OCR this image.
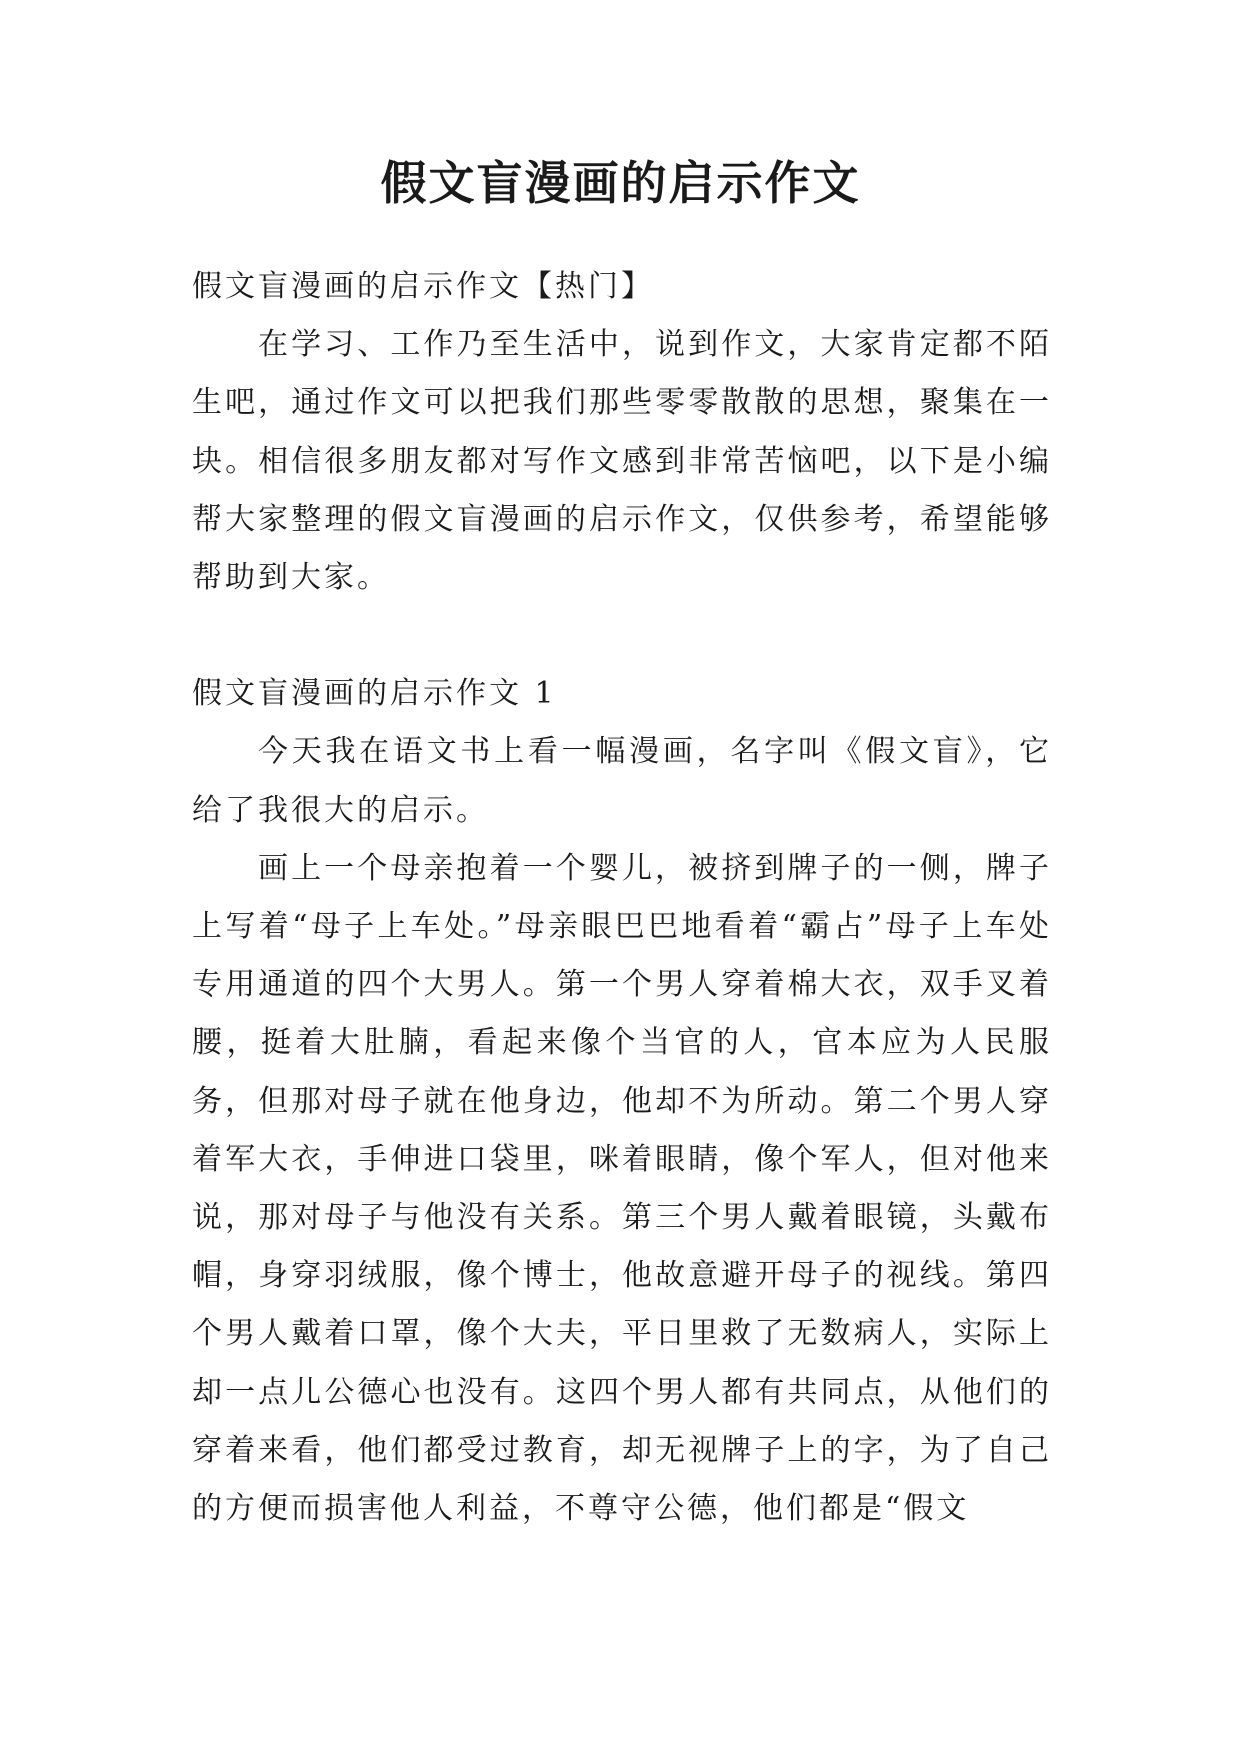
假文盲漫画的启示作文

假文盲漫画的启示作文【热门】

在学习、工作乃至生活中，说到作文，大家肯定都不陌生吧，通过作文可以把我们那些零零散散的思想，聚集在一块。相信很多朋友都对写作文感到非常苦恼吧，以下是小编帮大家整理的假文盲漫画的启示作文，仅供参考，希望能够帮助到大家。

假文盲漫画的启示作文 1

今天我在语文书上看一幅漫画，名字叫《假文盲》，它给了我很大的启示。

画上一个母亲抱着一个婴儿，被挤到牌子的一侧，牌子上写着“母子上车处。”母亲眼巴巴地看着“霸占”母子上车处专用通道的四个大男人。第一个男人穿着棉大衣，双手叉着腰，挺着大肚腩，看起来像个当官的人，官本应为人民服务，但那对母子就在他身边，他却不为所动。第二个男人穿着军大衣，手伸进口袋里，咪着眼睛，像个军人，但对他来说，那对母子与他没有关系。第三个男人戴着眼镜，头戴布帽，身穿羽绒服，像个博士，他故意避开母子的视线。第四个男人戴着口罩，像个大夫，平日里救了无数病人，实际上却一点儿公德心也没有。这四个男人都有共同点，从他们的穿着来看，他们都受过教育，却无视牌子上的字，为了自己的方便而损害他人利益，不尊守公德，他们都是“假文
